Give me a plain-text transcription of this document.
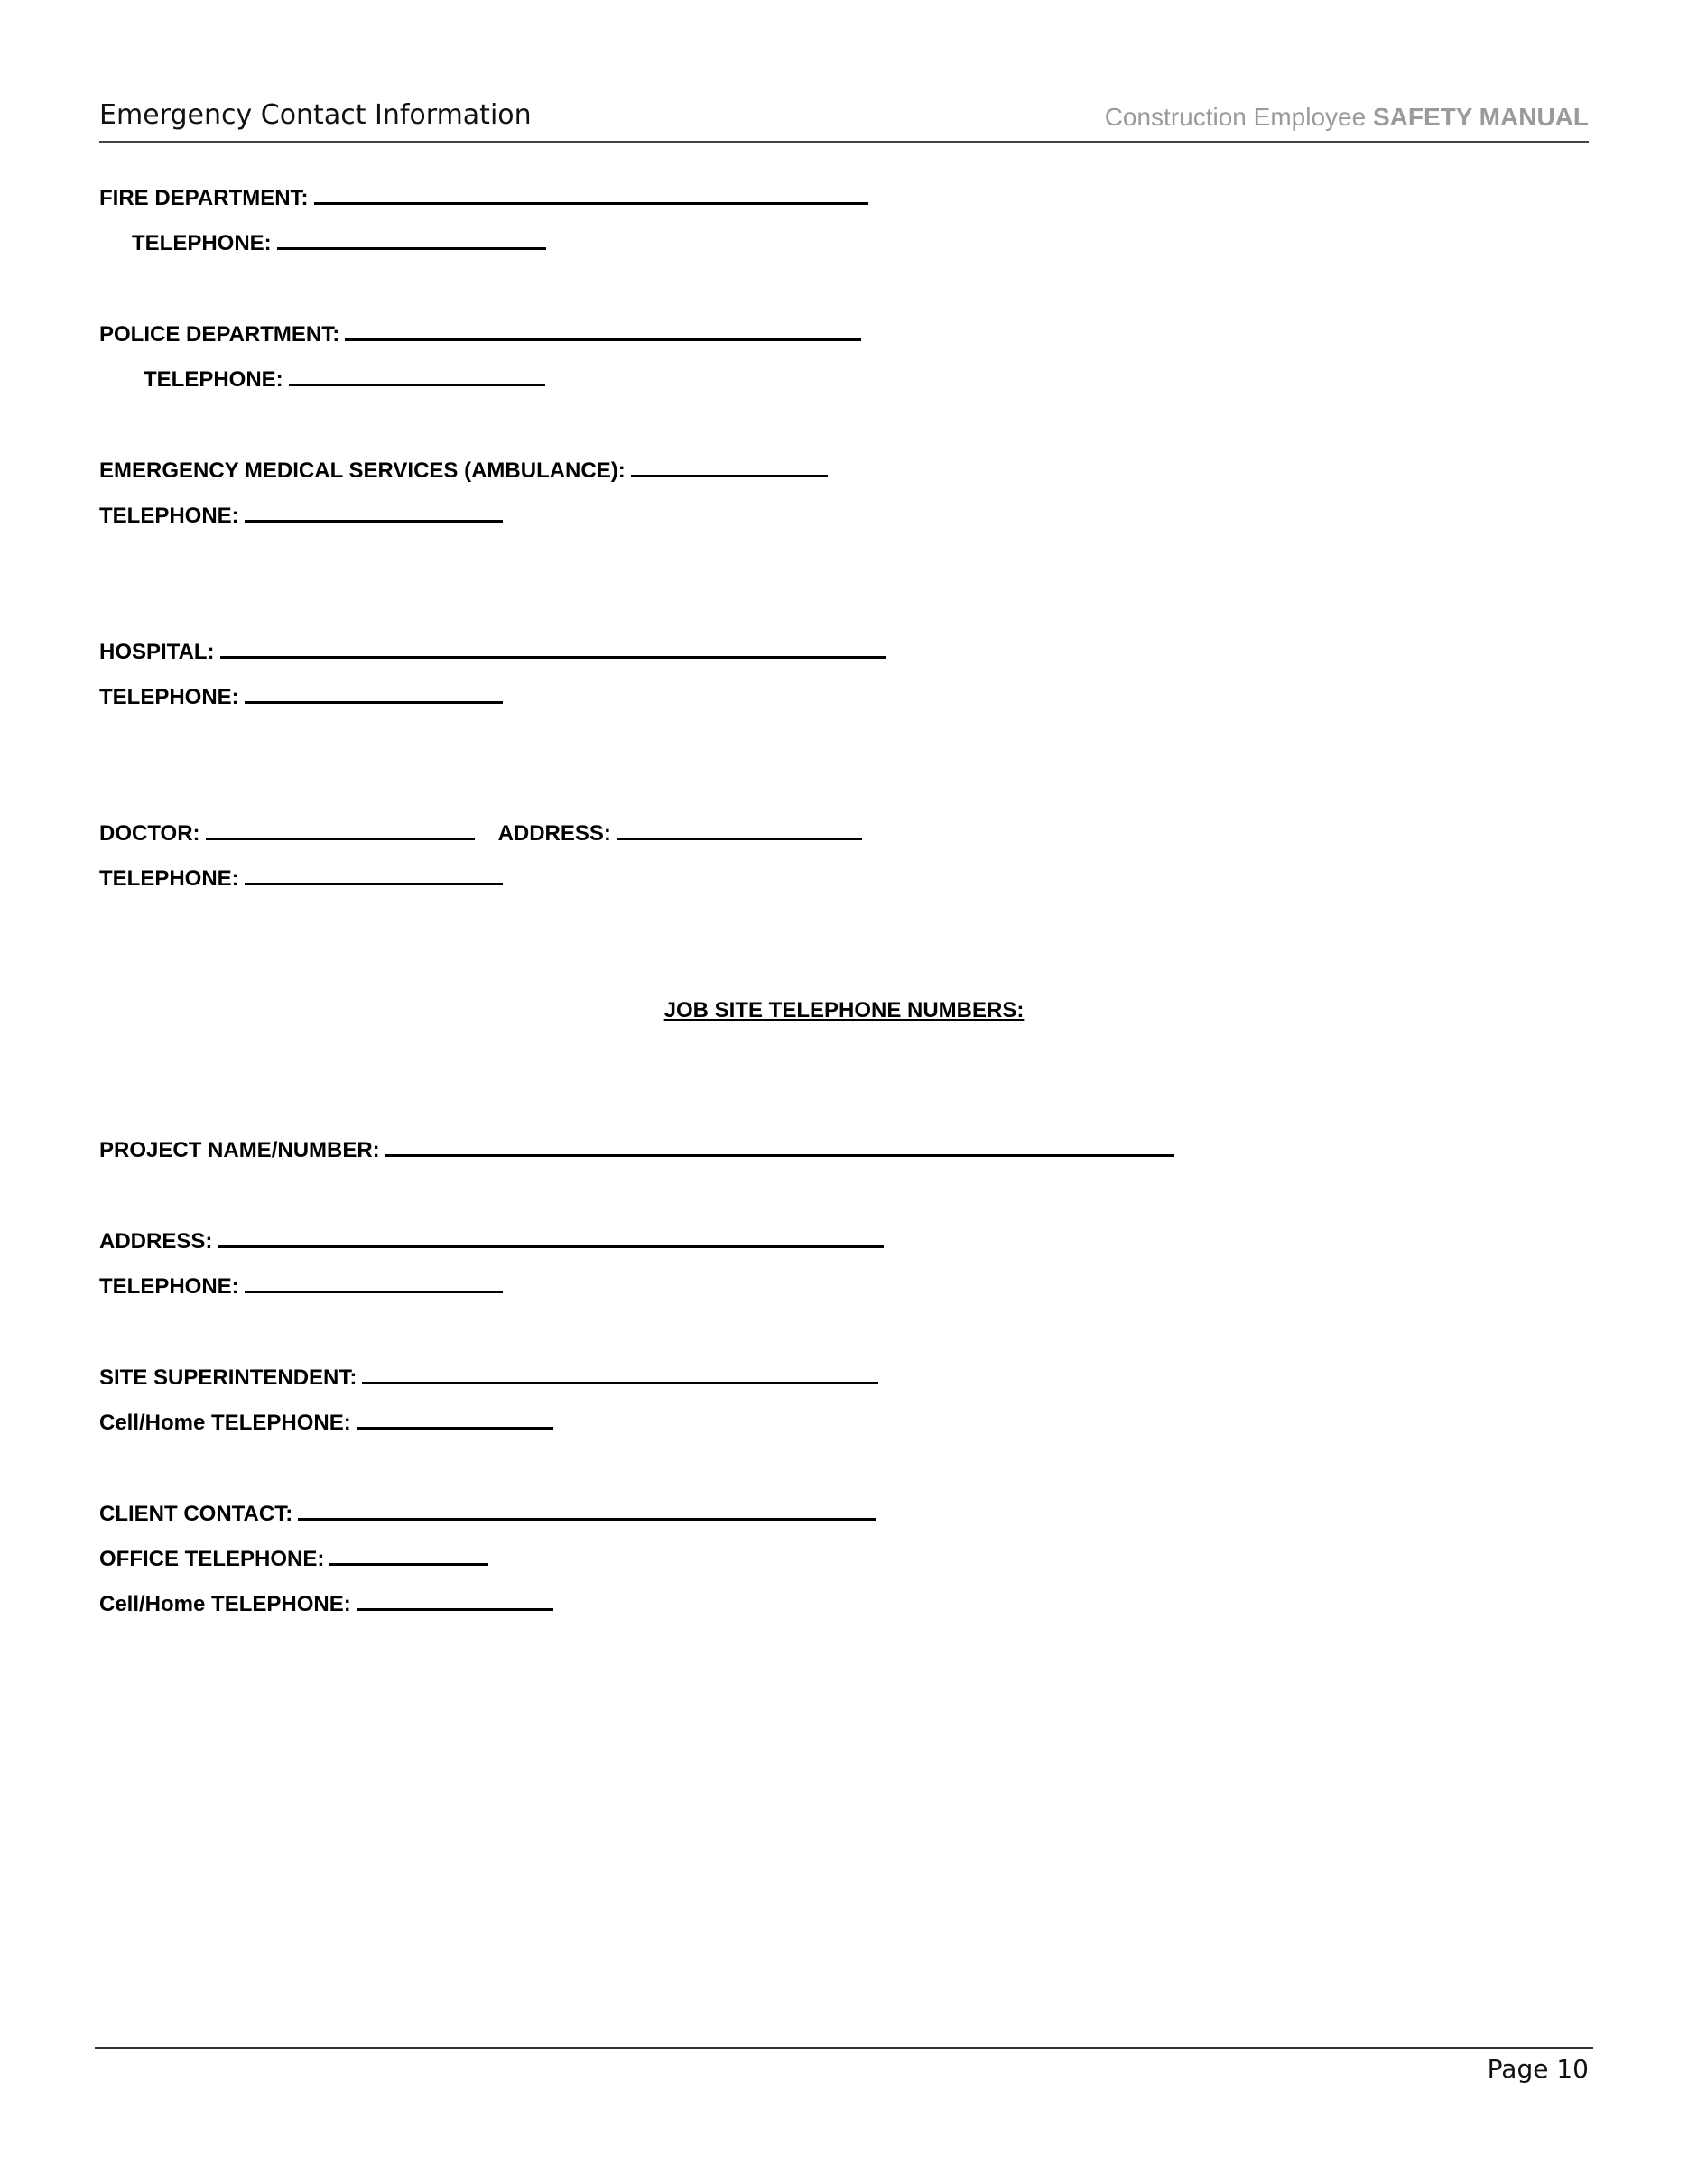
Emergency Contact Information	Construction Employee SAFETY MANUAL
FIRE DEPARTMENT:
TELEPHONE:
POLICE DEPARTMENT:
TELEPHONE:
EMERGENCY MEDICAL SERVICES (AMBULANCE):
TELEPHONE:
HOSPITAL:
TELEPHONE:
DOCTOR:	ADDRESS:
TELEPHONE:
JOB SITE TELEPHONE NUMBERS:
PROJECT NAME/NUMBER:
ADDRESS:
TELEPHONE:
SITE SUPERINTENDENT:
Cell/Home TELEPHONE:
CLIENT CONTACT:
OFFICE TELEPHONE:
Cell/Home TELEPHONE:
Page 10
